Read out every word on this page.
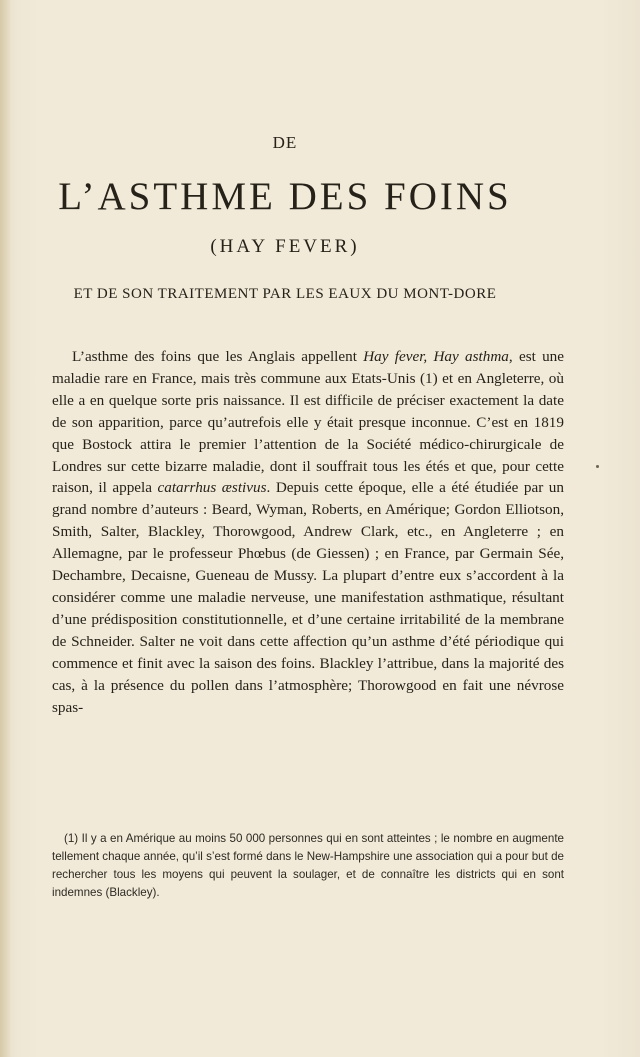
DE
L’ASTHME DES FOINS
(HAY FEVER)
ET DE SON TRAITEMENT PAR LES EAUX DU MONT-DORE

L’asthme des foins que les Anglais appellent Hay fever, Hay asthma, est une maladie rare en France, mais très commune aux Etats-Unis (1) et en Angleterre, où elle a en quelque sorte pris naissance. Il est difficile de préciser exactement la date de son apparition, parce qu’autrefois elle y était presque inconnue. C’est en 1819 que Bostock attira le premier l’attention de la Société médico-chirurgicale de Londres sur cette bizarre maladie, dont il souffrait tous les étés et que, pour cette raison, il appela catarrhus æstivus. Depuis cette époque, elle a été étudiée par un grand nombre d’auteurs : Beard, Wyman, Roberts, en Amérique; Gordon Elliotson, Smith, Salter, Blackley, Thorowgood, Andrew Clark, etc., en Angleterre ; en Allemagne, par le professeur Phœbus (de Giessen) ; en France, par Germain Sée, Dechambre, Decaisne, Gueneau de Mussy. La plupart d’entre eux s’accordent à la considérer comme une maladie nerveuse, une manifestation asthmatique, résultant d’une prédisposition constitutionnelle, et d’une certaine irritabilité de la membrane de Schneider. Salter ne voit dans cette affection qu’un asthme d’été périodique qui commence et finit avec la saison des foins. Blackley l’attribue, dans la majorité des cas, à la présence du pollen dans l’atmosphère; Thorowgood en fait une névrose spas-

(1) Il y a en Amérique au moins 50 000 personnes qui en sont atteintes ; le nombre en augmente tellement chaque année, qu’il s’est formé dans le New-Hampshire une association qui a pour but de rechercher tous les moyens qui peuvent la soulager, et de connaître les districts qui en sont indemnes (Blackley).
